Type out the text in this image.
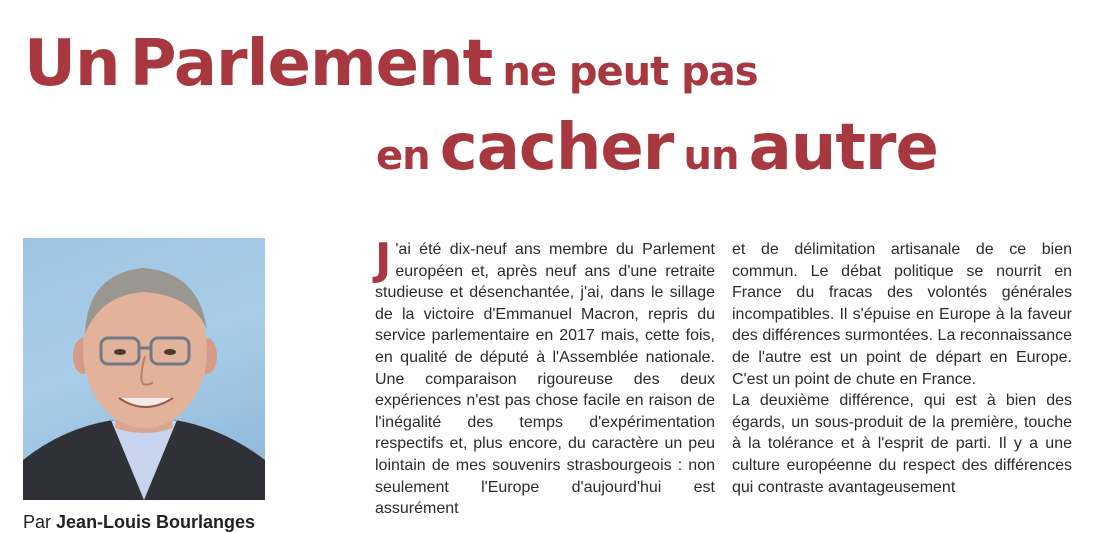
Un Parlement ne peut pas
en cacher un autre

Par Jean-Louis Bourlanges

J 'ai été dix-neuf ans membre du Parlement européen et, après neuf ans d'une retraite studieuse et désenchantée, j'ai, dans le sillage de la victoire d'Emmanuel Macron, repris du service parlementaire en 2017 mais, cette fois, en qualité de député à l'Assemblée nationale. Une comparaison rigoureuse des deux expériences n'est pas chose facile en raison de l'inégalité des temps d'expérimentation respectifs et, plus encore, du caractère un peu lointain de mes souvenirs strasbourgeois : non seulement l'Europe d'aujourd'hui est assurément

et de délimitation artisanale de ce bien commun. Le débat politique se nourrit en France du fracas des volontés générales incompatibles. Il s'épuise en Europe à la faveur des différences surmontées. La reconnaissance de l'autre est un point de départ en Europe. C'est un point de chute en France.

La deuxième différence, qui est à bien des égards, un sous-produit de la première, touche à la tolérance et à l'esprit de parti. Il y a une culture européenne du respect des différences qui contraste avantageusement
